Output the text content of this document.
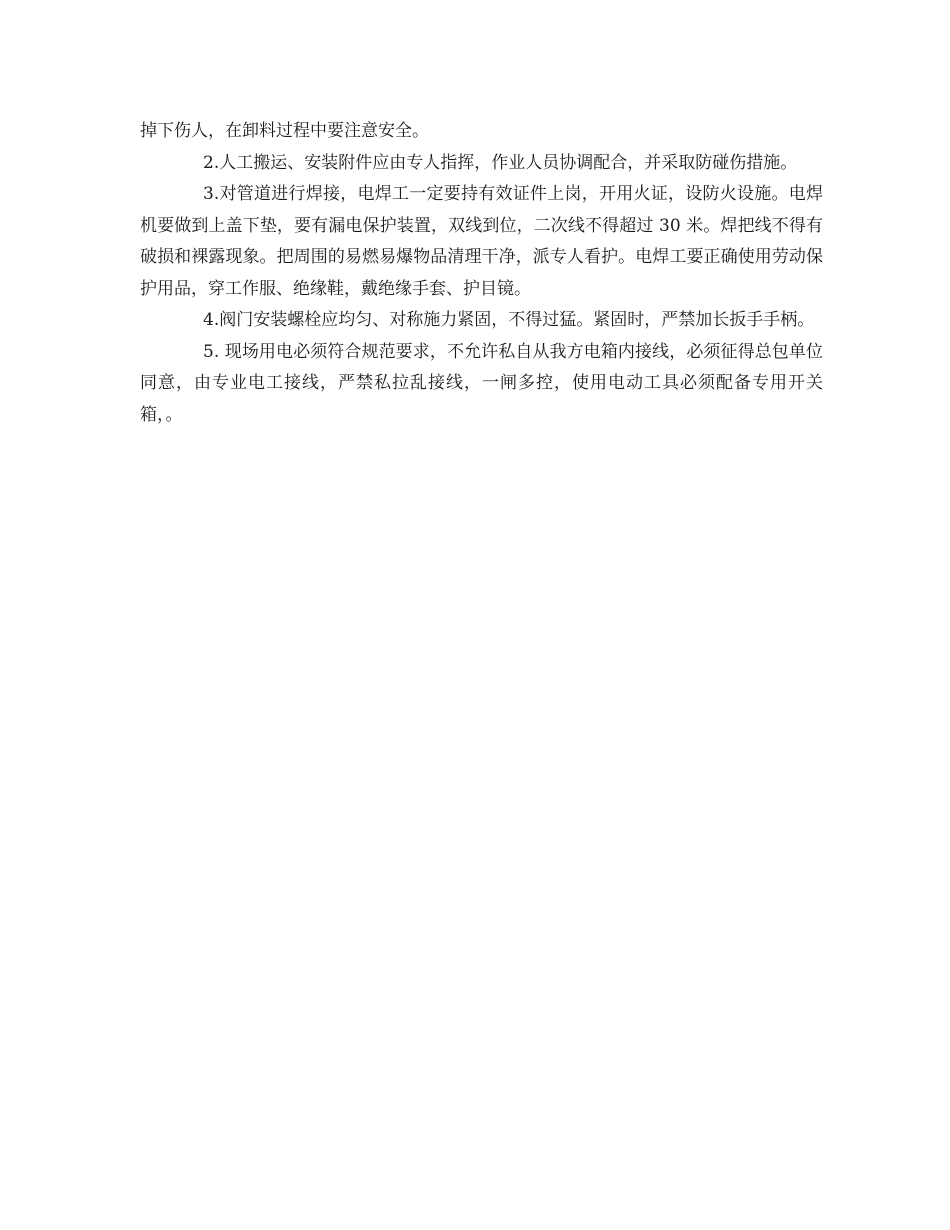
掉下伤人，在卸料过程中要注意安全。

2.人工搬运、安装附件应由专人指挥，作业人员协调配合，并采取防碰伤措施。

3.对管道进行焊接，电焊工一定要持有效证件上岗，开用火证，设防火设施。电焊机要做到上盖下垫，要有漏电保护装置，双线到位，二次线不得超过 30 米。焊把线不得有破损和裸露现象。把周围的易燃易爆物品清理干净，派专人看护。电焊工要正确使用劳动保护用品，穿工作服、绝缘鞋，戴绝缘手套、护目镜。

4.阀门安装螺栓应均匀、对称施力紧固，不得过猛。紧固时，严禁加长扳手手柄。

5. 现场用电必须符合规范要求，不允许私自从我方电箱内接线，必须征得总包单位同意，由专业电工接线，严禁私拉乱接线，一闸多控，使用电动工具必须配备专用开关箱，。
